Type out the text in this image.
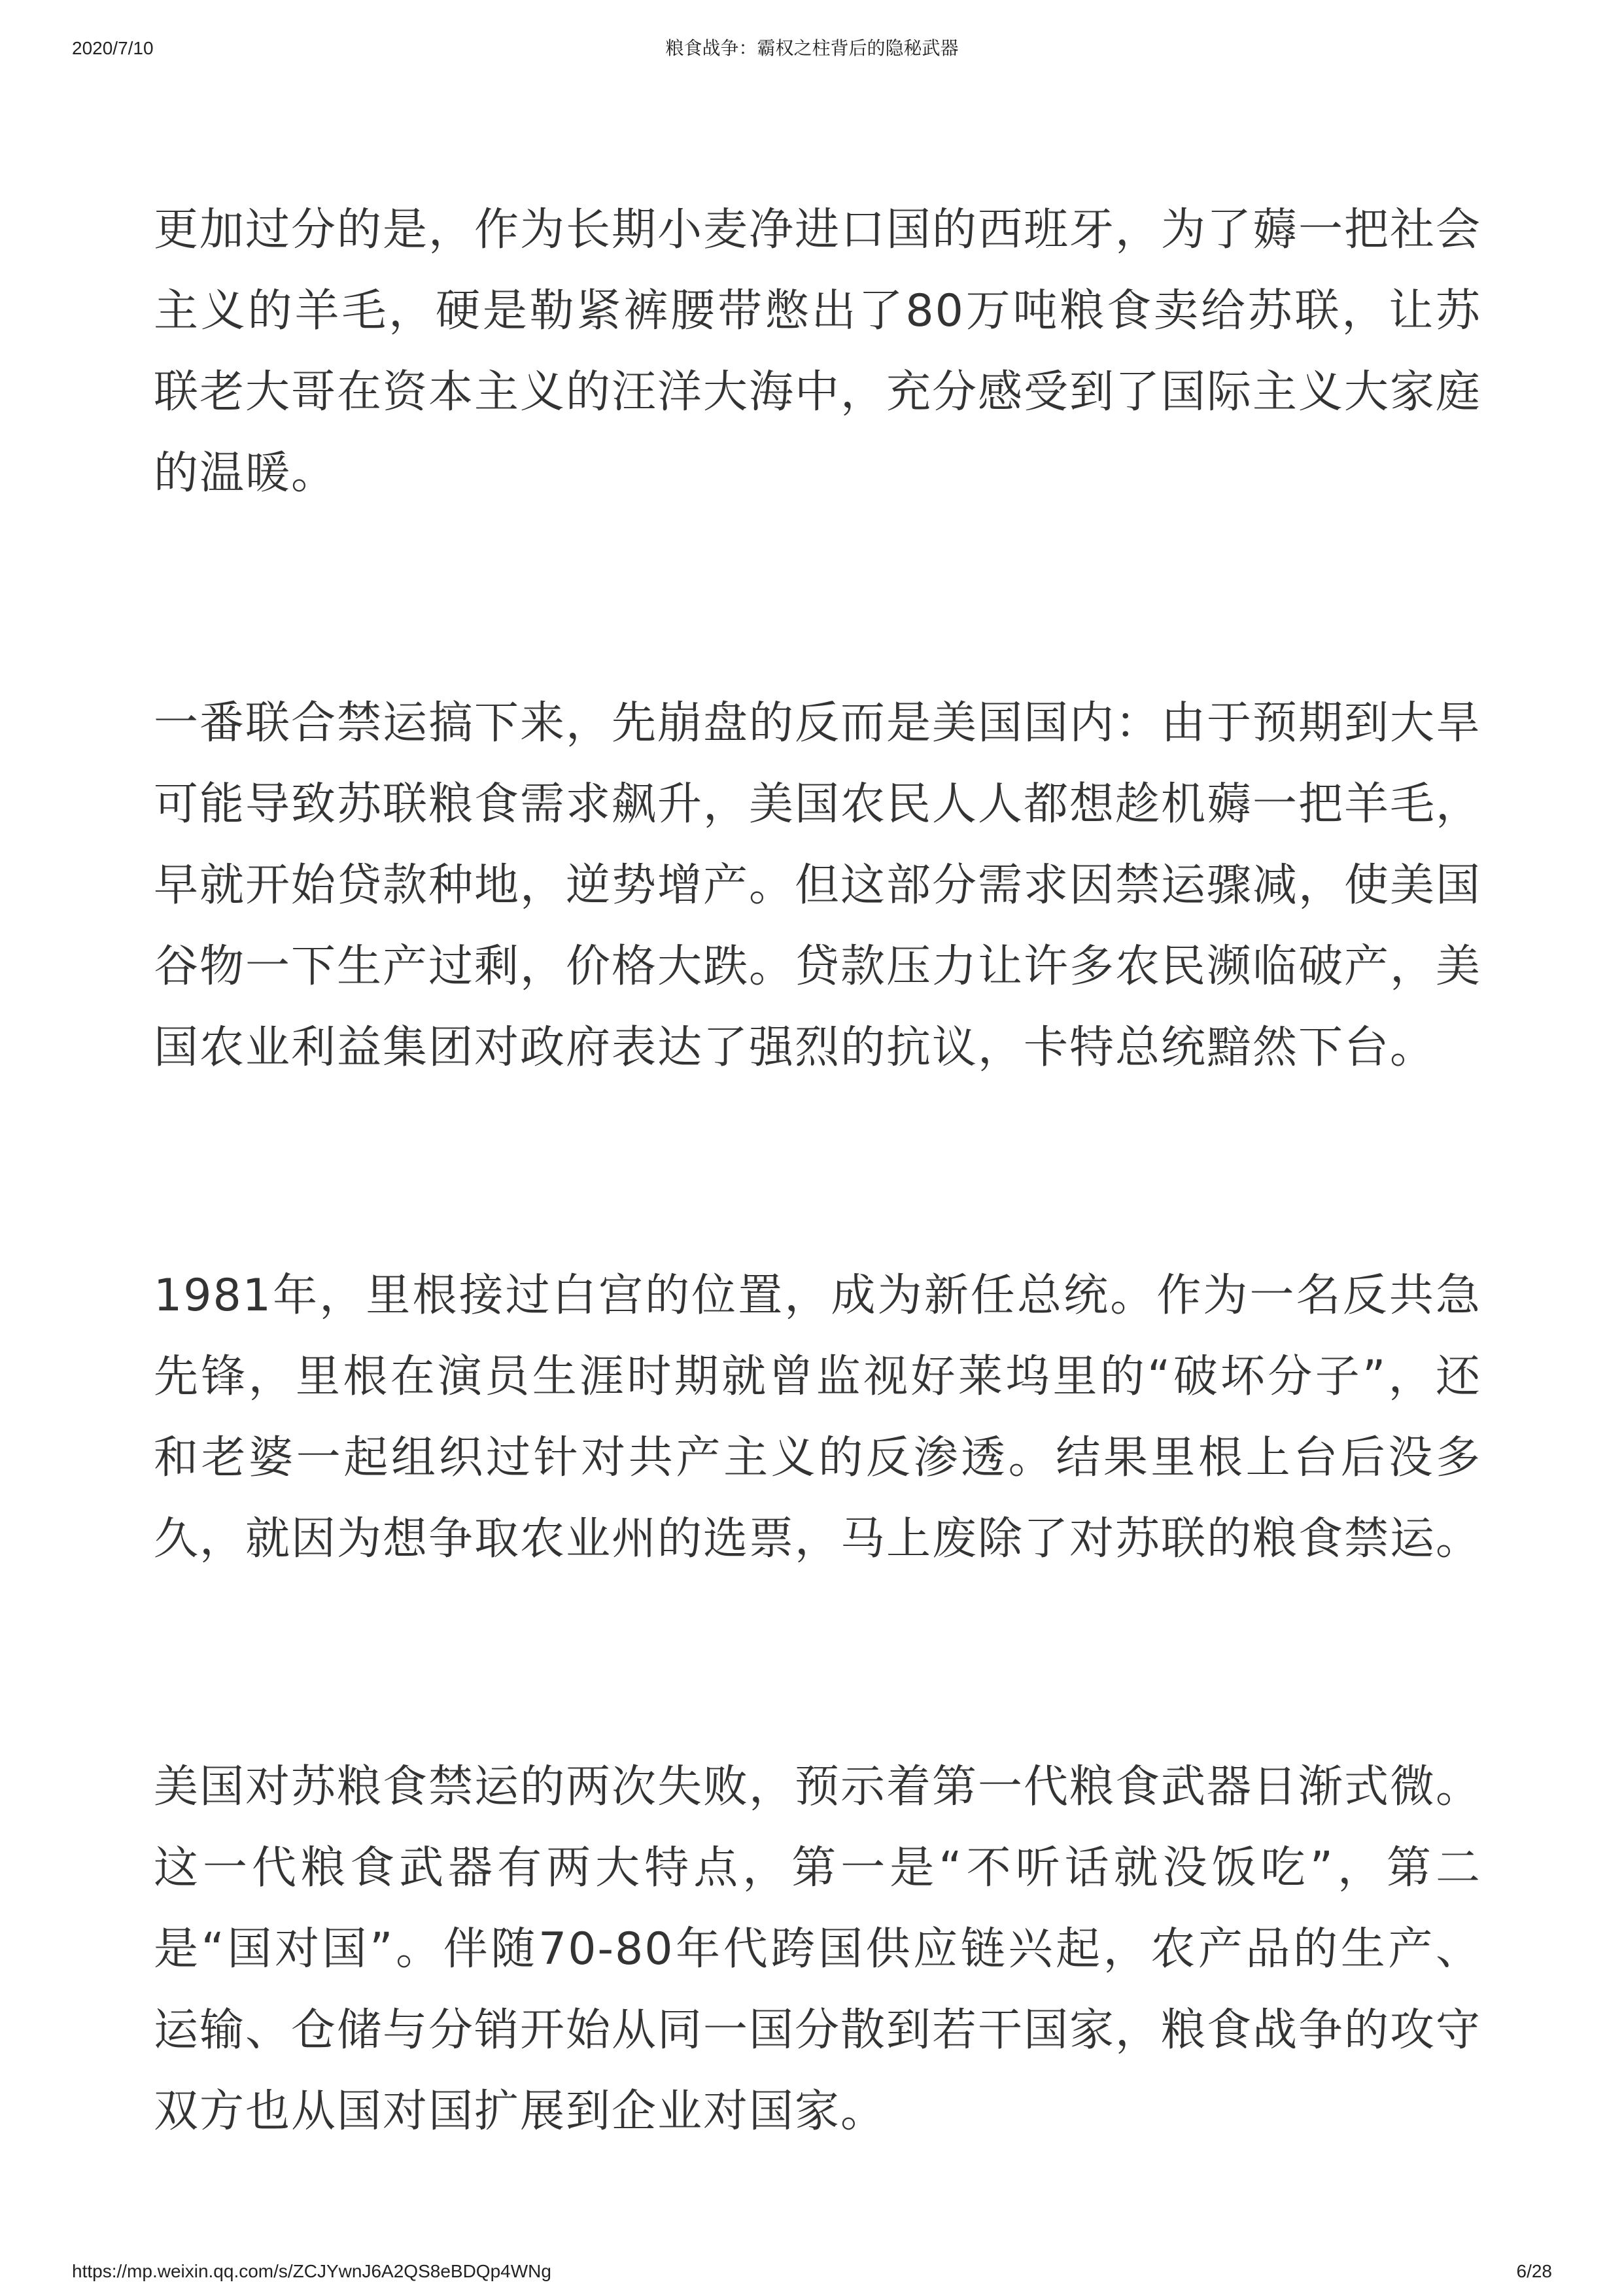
2020/7/10	粮食战争：霸权之柱背后的隐秘武器

更加过分的是，作为长期小麦净进口国的西班牙，为了薅一把社会主义的羊毛，硬是勒紧裤腰带憋出了80万吨粮食卖给苏联，让苏联老大哥在资本主义的汪洋大海中，充分感受到了国际主义大家庭的温暖。

一番联合禁运搞下来，先崩盘的反而是美国国内：由于预期到大旱可能导致苏联粮食需求飙升，美国农民人人都想趁机薅一把羊毛，早就开始贷款种地，逆势增产。但这部分需求因禁运骤减，使美国谷物一下生产过剩，价格大跌。贷款压力让许多农民濒临破产，美国农业利益集团对政府表达了强烈的抗议，卡特总统黯然下台。

1981年，里根接过白宫的位置，成为新任总统。作为一名反共急先锋，里根在演员生涯时期就曾监视好莱坞里的“破坏分子”，还和老婆一起组织过针对共产主义的反渗透。结果里根上台后没多久，就因为想争取农业州的选票，马上废除了对苏联的粮食禁运。

美国对苏粮食禁运的两次失败，预示着第一代粮食武器日渐式微。这一代粮食武器有两大特点，第一是“不听话就没饭吃”，第二是“国对国”。伴随70-80年代跨国供应链兴起，农产品的生产、运输、仓储与分销开始从同一国分散到若干国家，粮食战争的攻守双方也从国对国扩展到企业对国家。

https://mp.weixin.qq.com/s/ZCJYwnJ6A2QS8eBDQp4WNg	6/28
